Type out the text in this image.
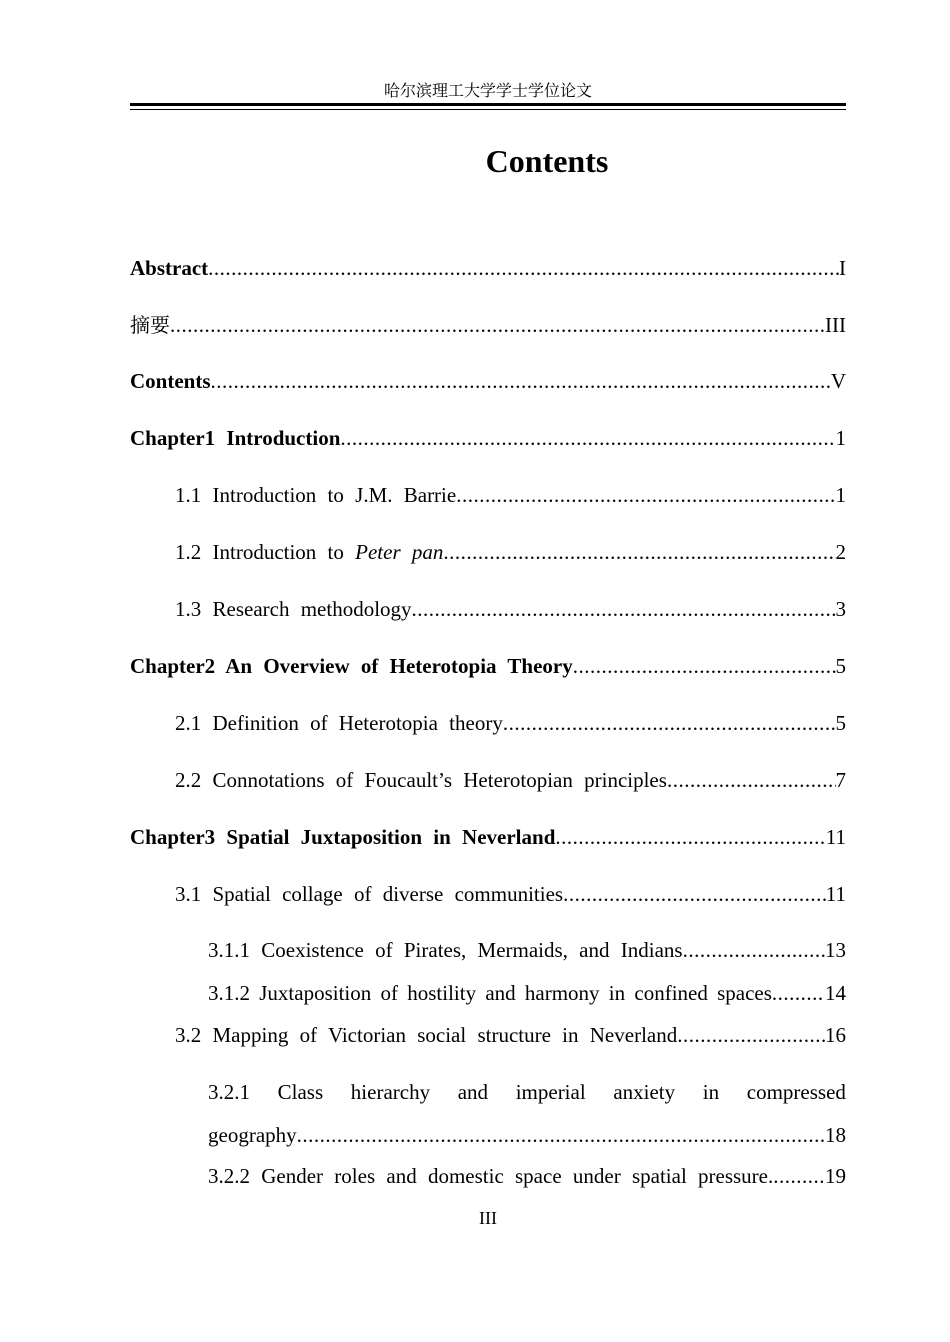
哈尔滨理工大学学士学位论文
Contents
Abstract .....	I
摘要 .....	III
Contents .....	V
Chapter1 Introduction .....	1
1.1 Introduction to J.M. Barrie .....	1
1.2 Introduction to Peter pan .....	2
1.3 Research methodology .....	3
Chapter2 An Overview of Heterotopia Theory .....	5
2.1 Definition of Heterotopia theory .....	5
2.2 Connotations of Foucault’s Heterotopian principles .....	7
Chapter3 Spatial Juxtaposition in Neverland .....	11
3.1 Spatial collage of diverse communities .....	11
3.1.1 Coexistence of Pirates, Mermaids, and Indians .....	13
3.1.2 Juxtaposition of hostility and harmony in confined spaces .....	14
3.2 Mapping of Victorian social structure in Neverland .....	16
3.2.1 Class hierarchy and imperial anxiety in compressed
geography .....	18
3.2.2 Gender roles and domestic space under spatial pressure. ..... 19
III
